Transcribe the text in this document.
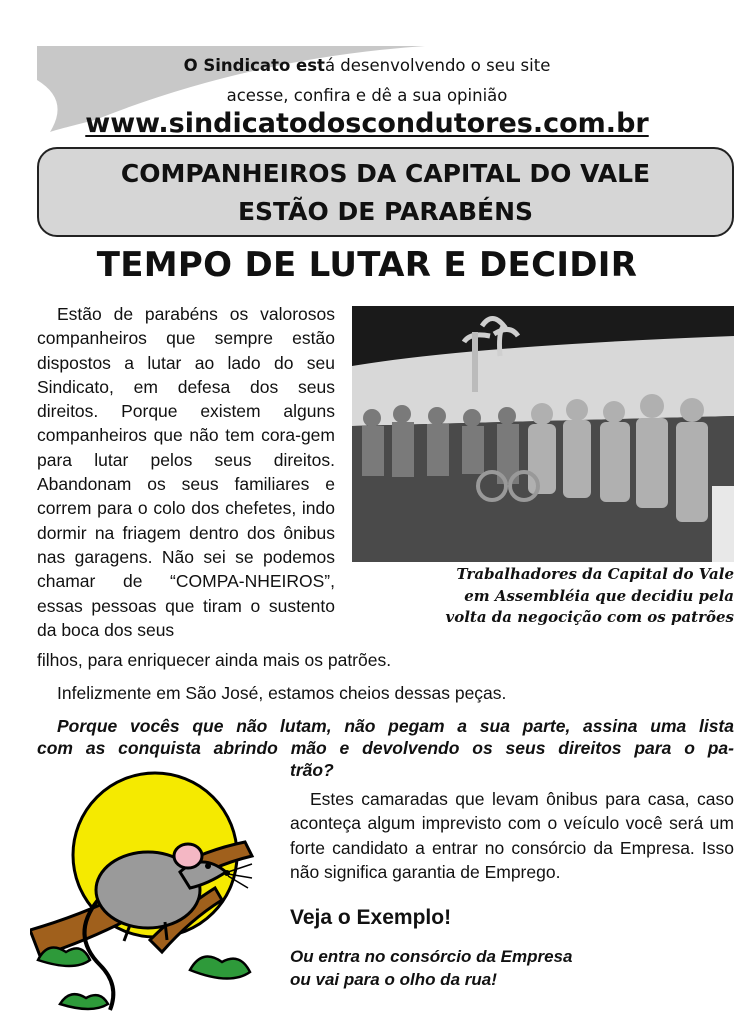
O Sindicato está desenvolvendo o seu site
acesse, confira e dê a sua opinião
www.sindicatodoscondutores.com.br
COMPANHEIROS DA CAPITAL DO VALE
ESTÃO DE PARABÉNS
TEMPO DE LUTAR E DECIDIR
Estão de parabéns os valorosos companheiros que sempre estão dispostos a lutar ao lado do seu Sindicato, em defesa dos seus direitos. Porque existem alguns companheiros que não tem cora-gem para lutar pelos seus direitos. Abandonam os seus familiares e correm para o colo dos chefetes, indo dormir na friagem dentro dos ônibus nas garagens. Não sei se podemos chamar de “COMPA-NHEIROS”, essas pessoas que tiram o sustento da boca dos seus
Trabalhadores da Capital do Vale
em Assembléia que decidiu pela
volta da negocição com os patrões
filhos, para enriquecer ainda mais os patrões.
Infelizmente em São José, estamos cheios dessas peças.
Porque vocês que não lutam, não pegam a sua parte, assina uma lista
com as conquista abrindo mão e devolvendo os seus direitos para o pa-
trão?
Estes camaradas que levam ônibus para casa, caso aconteça algum imprevisto com o veículo você será um forte candidato a entrar no consórcio da Empresa. Isso não significa garantia de Emprego.
Veja o Exemplo!
Ou entra no consórcio da Empresa
ou vai para o olho da rua!
